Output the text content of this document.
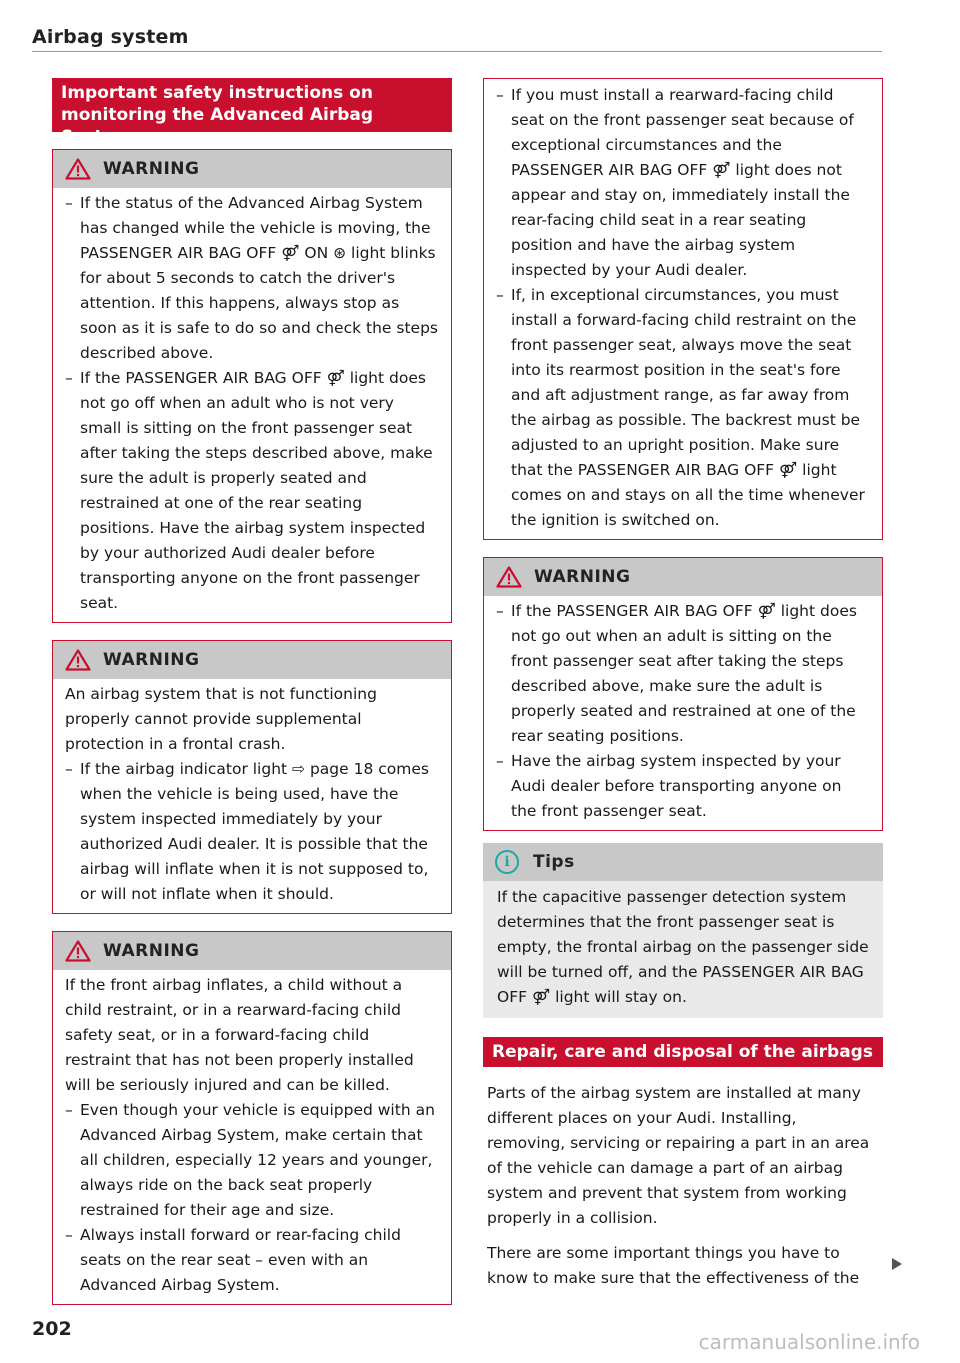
Airbag system
Important safety instructions on monitoring the Advanced Airbag System
WARNING
– If the status of the Advanced Airbag System has changed while the vehicle is moving, the PASSENGER AIR BAG OFF ⚤ ON ⊛ light blinks for about 5 seconds to catch the driver's attention. If this happens, always stop as soon as it is safe to do so and check the steps described above.
– If the PASSENGER AIR BAG OFF ⚤ light does not go off when an adult who is not very small is sitting on the front passenger seat after taking the steps described above, make sure the adult is properly seated and restrained at one of the rear seating positions. Have the airbag system inspected by your authorized Audi dealer before transporting anyone on the front passenger seat.
WARNING

An airbag system that is not functioning properly cannot provide supplemental protection in a frontal crash.

– If the airbag indicator light ⇨ page 18 comes when the vehicle is being used, have the system inspected immediately by your authorized Audi dealer. It is possible that the airbag will inflate when it is not supposed to, or will not inflate when it should.
WARNING

If the front airbag inflates, a child without a child restraint, or in a rearward-facing child safety seat, or in a forward-facing child restraint that has not been properly installed will be seriously injured and can be killed.

– Even though your vehicle is equipped with an Advanced Airbag System, make certain that all children, especially 12 years and younger, always ride on the back seat properly restrained for their age and size.
– Always install forward or rear-facing child seats on the rear seat – even with an Advanced Airbag System.
– If you must install a rearward-facing child seat on the front passenger seat because of exceptional circumstances and the PASSENGER AIR BAG OFF ⚤ light does not appear and stay on, immediately install the rear-facing child seat in a rear seating position and have the airbag system inspected by your Audi dealer.
– If, in exceptional circumstances, you must install a forward-facing child restraint on the front passenger seat, always move the seat into its rearmost position in the seat's fore and aft adjustment range, as far away from the airbag as possible. The backrest must be adjusted to an upright position. Make sure that the PASSENGER AIR BAG OFF ⚤ light comes on and stays on all the time whenever the ignition is switched on.
WARNING
– If the PASSENGER AIR BAG OFF ⚤ light does not go out when an adult is sitting on the front passenger seat after taking the steps described above, make sure the adult is properly seated and restrained at one of the rear seating positions.
– Have the airbag system inspected by your Audi dealer before transporting anyone on the front passenger seat.
i	Tips

If the capacitive passenger detection system determines that the front passenger seat is empty, the frontal airbag on the passenger side will be turned off, and the PASSENGER AIR BAG OFF ⚤ light will stay on.

Repair, care and disposal of the airbags

Parts of the airbag system are installed at many different places on your Audi. Installing, removing, servicing or repairing a part in an area of the vehicle can damage a part of an airbag system and prevent that system from working properly in a collision.

There are some important things you have to know to make sure that the effectiveness of the

202
carmanualsonline.info
